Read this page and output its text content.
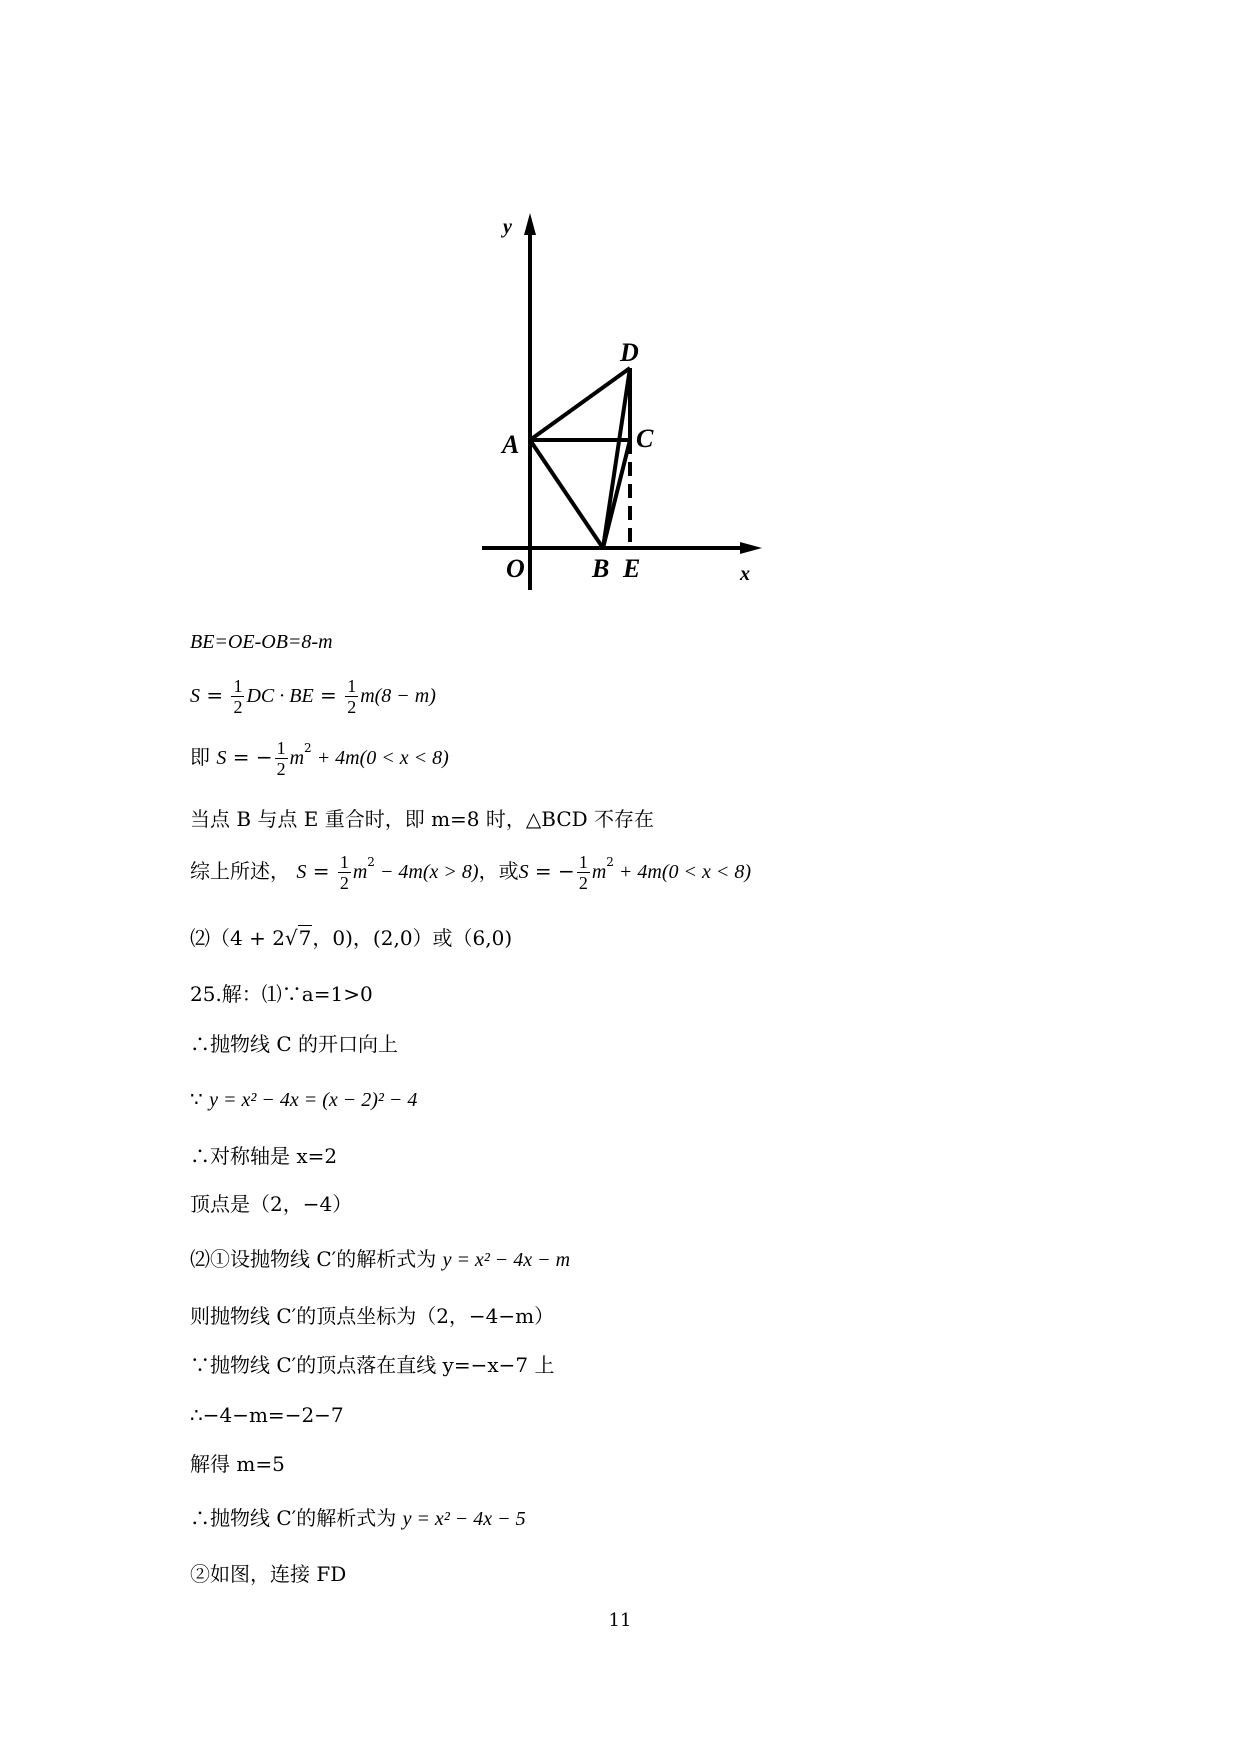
y
x
O
A
B
C
D
E
BE=OE-OB=8-m
$S = \frac{1}{2}$ DC · BE = $\frac{1}{2} m(8 - m)$
即 S = − $\frac{1}{2} m^2 + 4m(0 < x < 8)$
当点 B 与点 E 重合时，即 m=8 时，△BCD 不存在
综上所述， $S = \frac{1}{2} m^2 - 4m(x > 8)$，或S = − $\frac{1}{2} m^2 + 4m(0 < x < 8)$
⑵（4 + 2√7，0)，(2,0）或（6,0)
25.解：⑴∵a=1>0
∴抛物线 C 的开口向上
∵ y = x² − 4x = (x − 2)² − 4
∴对称轴是 x=2
顶点是（2，−4）
⑵①设抛物线 C′的解析式为 y = x² − 4x − m
则抛物线 C′的顶点坐标为（2，−4−m）
∵抛物线 C′的顶点落在直线 y=−x−7 上
∴−4−m=−2−7
解得 m=5
∴抛物线 C′的解析式为 y = x² − 4x − 5
②如图，连接 FD
11
